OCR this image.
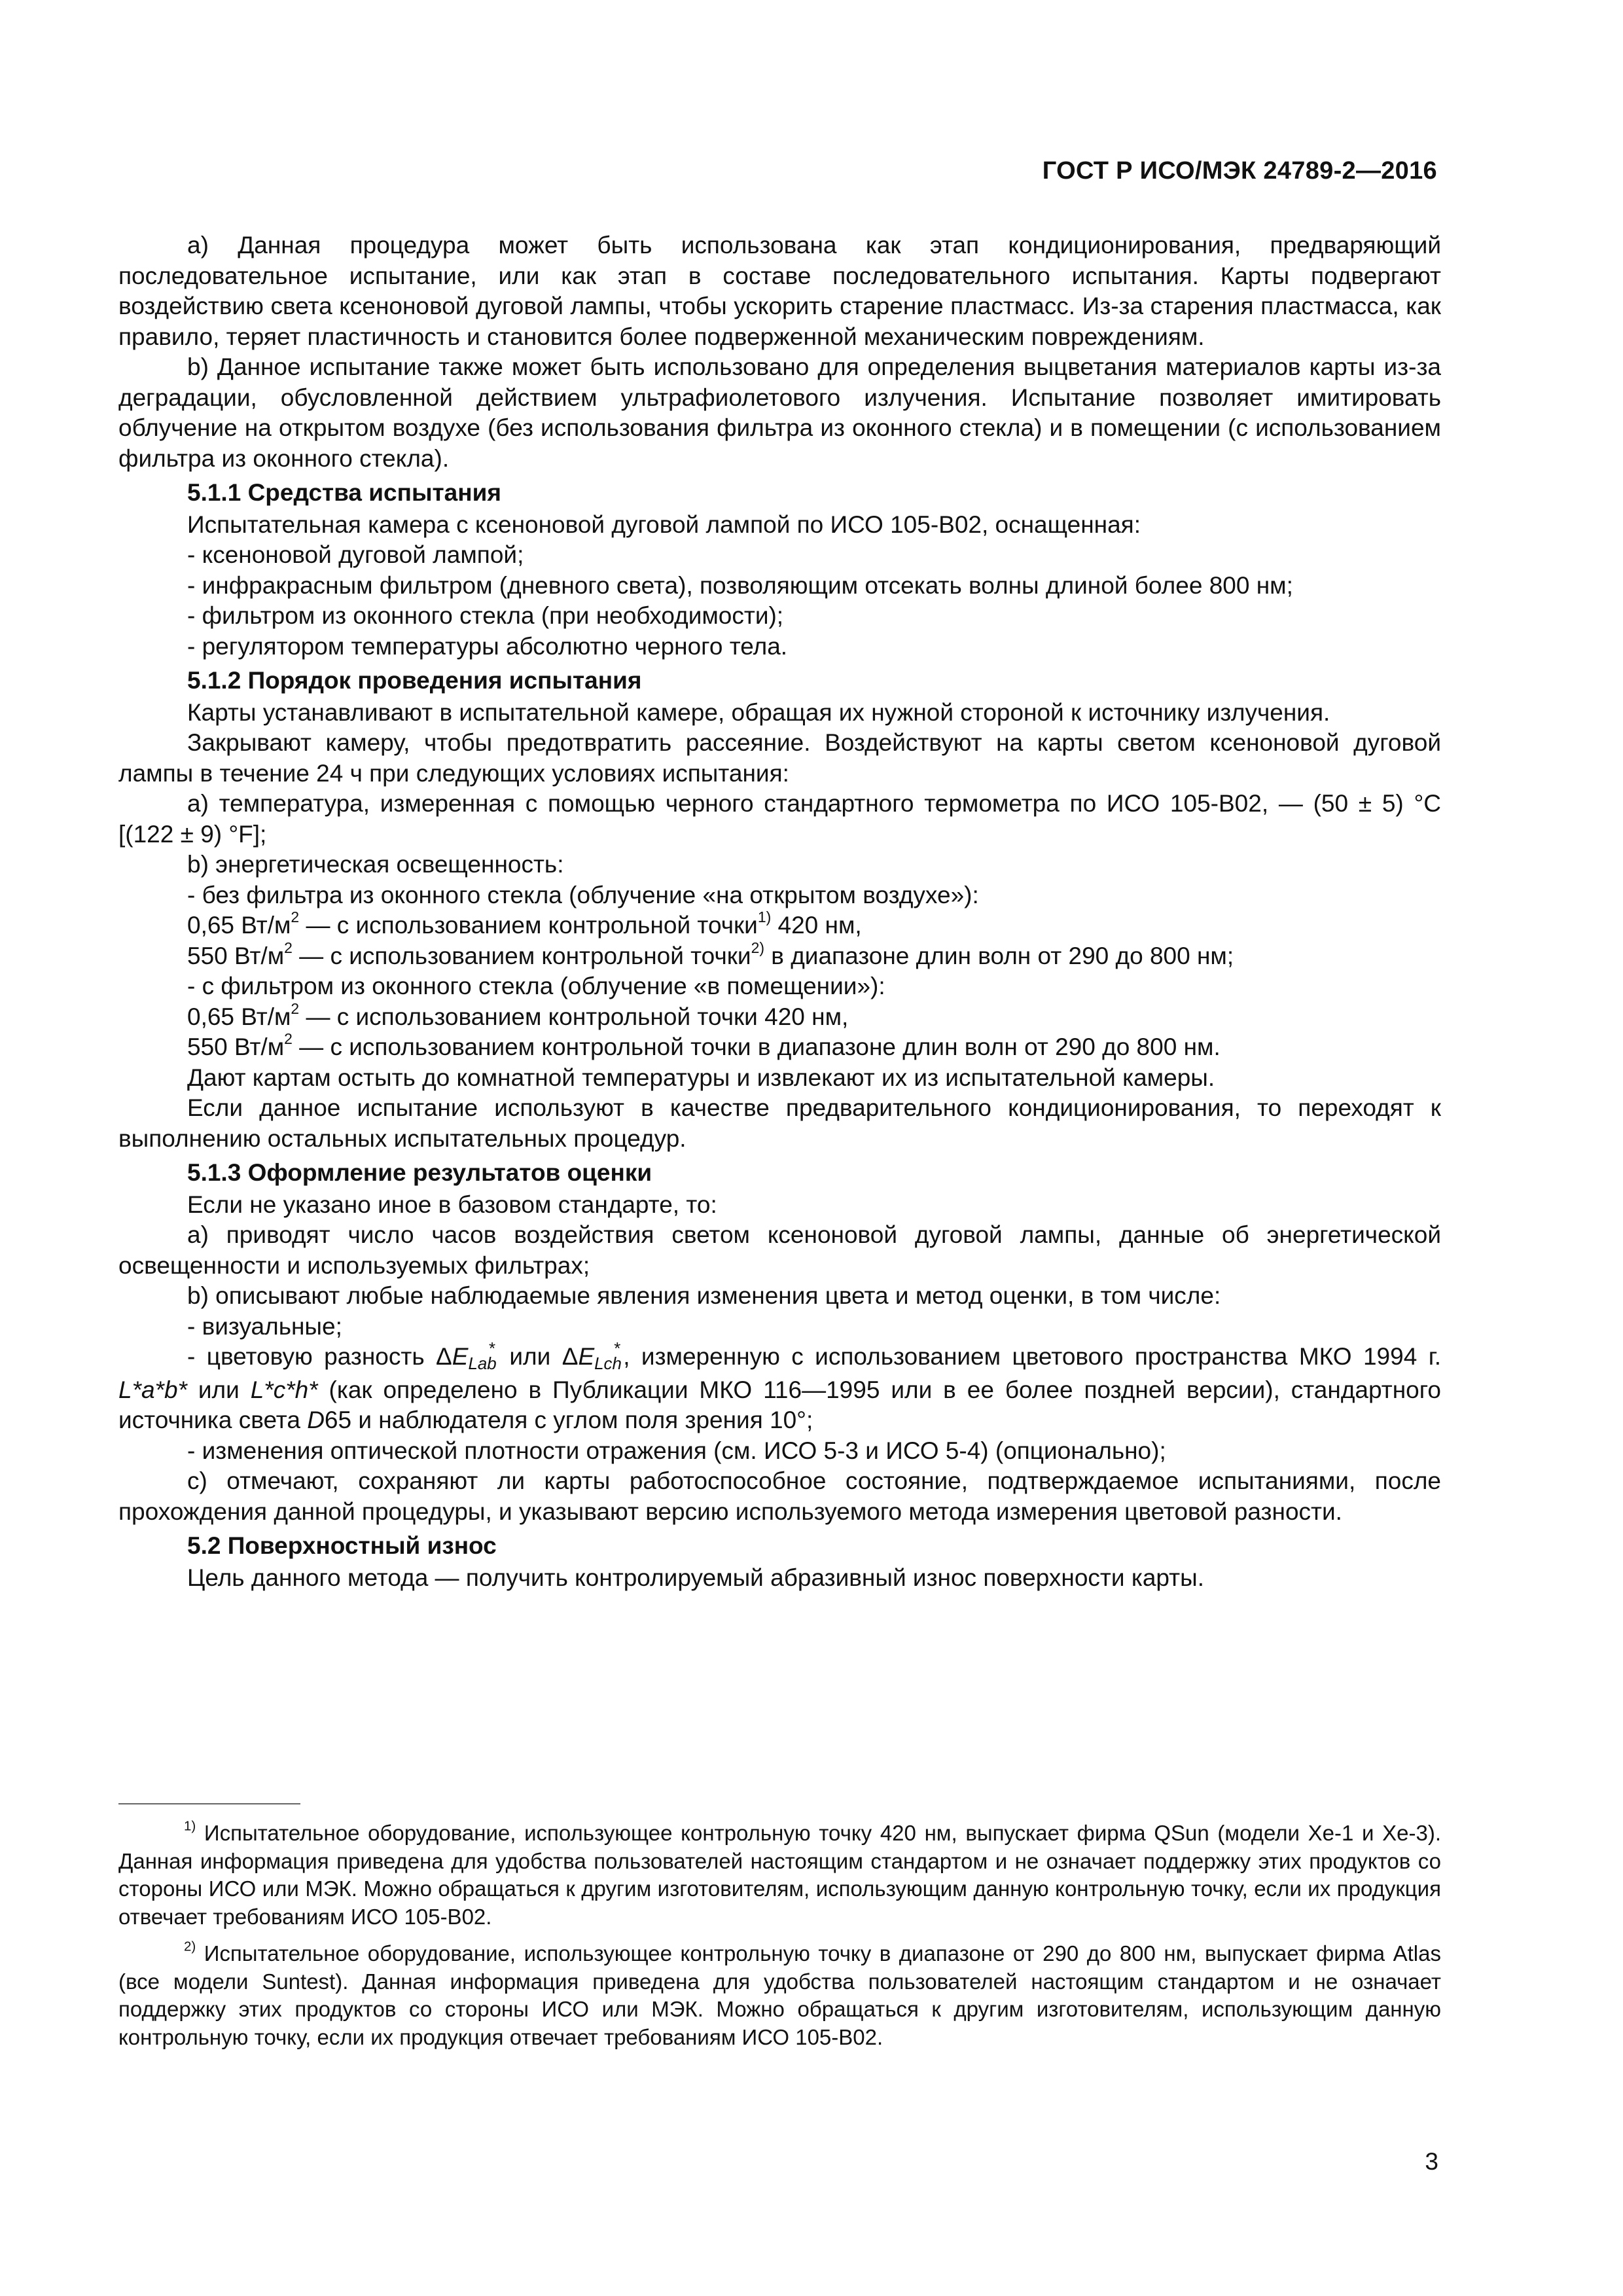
ГОСТ Р ИСО/МЭК 24789-2—2016

a) Данная процедура может быть использована как этап кондиционирования, предваряющий последовательное испытание, или как этап в составе последовательного испытания. Карты подвергают воздействию света ксеноновой дуговой лампы, чтобы ускорить старение пластмасс. Из-за старения пластмасса, как правило, теряет пластичность и становится более подверженной механическим повреждениям.

b) Данное испытание также может быть использовано для определения выцветания материалов карты из-за деградации, обусловленной действием ультрафиолетового излучения. Испытание позволяет имитировать облучение на открытом воздухе (без использования фильтра из оконного стекла) и в помещении (с использованием фильтра из оконного стекла).

5.1.1 Средства испытания

Испытательная камера с ксеноновой дуговой лампой по ИСО 105-B02, оснащенная:

- ксеноновой дуговой лампой;

- инфракрасным фильтром (дневного света), позволяющим отсекать волны длиной более 800 нм;

- фильтром из оконного стекла (при необходимости);

- регулятором температуры абсолютно черного тела.

5.1.2 Порядок проведения испытания

Карты устанавливают в испытательной камере, обращая их нужной стороной к источнику излучения.

Закрывают камеру, чтобы предотвратить рассеяние. Воздействуют на карты светом ксеноновой дуговой лампы в течение 24 ч при следующих условиях испытания:

a) температура, измеренная с помощью черного стандартного термометра по ИСО 105-B02, — (50 ± 5) °C [(122 ± 9) °F];

b) энергетическая освещенность:

- без фильтра из оконного стекла (облучение «на открытом воздухе»):

0,65 $Вт/м^2$ — с использованием контрольной точки$^{1)}$ 420 нм,

550 $Вт/м^2$ — с использованием контрольной точки$^{2)}$ в диапазоне длин волн от 290 до 800 нм;

- с фильтром из оконного стекла (облучение «в помещении»):

0,65 $Вт/м^2$ — с использованием контрольной точки 420 нм,

550 $Вт/м^2$ — с использованием контрольной точки в диапазоне длин волн от 290 до 800 нм.

Дают картам остыть до комнатной температуры и извлекают их из испытательной камеры.

Если данное испытание используют в качестве предварительного кондиционирования, то переходят к выполнению остальных испытательных процедур.

5.1.3 Оформление результатов оценки

Если не указано иное в базовом стандарте, то:

a) приводят число часов воздействия светом ксеноновой дуговой лампы, данные об энергетической освещенности и используемых фильтрах;

b) описывают любые наблюдаемые явления изменения цвета и метод оценки, в том числе:

- визуальные;

- цветовую разность ΔELab* или ΔELch* , измеренную с использованием цветового пространства МКО 1994 г. L*a*b* или L*c*h* (как определено в Публикации МКО 116—1995 или в ее более поздней версии), стандартного источника света D65 и наблюдателя с углом поля зрения 10°;

- изменения оптической плотности отражения (см. ИСО 5-3 и ИСО 5-4) (опционально);

c) отмечают, сохраняют ли карты работоспособное состояние, подтверждаемое испытаниями, после прохождения данной процедуры, и указывают версию используемого метода измерения цветовой разности.

5.2 Поверхностный износ

Цель данного метода — получить контролируемый абразивный износ поверхности карты.

$^{1)}$ Испытательное оборудование, использующее контрольную точку 420 нм, выпускает фирма QSun (модели Xe-1 и Xe-3). Данная информация приведена для удобства пользователей настоящим стандартом и не означает поддержку этих продуктов со стороны ИСО или МЭК. Можно обращаться к другим изготовителям, использующим данную контрольную точку, если их продукция отвечает требованиям ИСО 105-B02.

$^{2)}$ Испытательное оборудование, использующее контрольную точку в диапазоне от 290 до 800 нм, выпускает фирма Atlas (все модели Suntest). Данная информация приведена для удобства пользователей настоящим стандартом и не означает поддержку этих продуктов со стороны ИСО или МЭК. Можно обращаться к другим изготовителям, использующим данную контрольную точку, если их продукция отвечает требованиям ИСО 105-B02.

3
